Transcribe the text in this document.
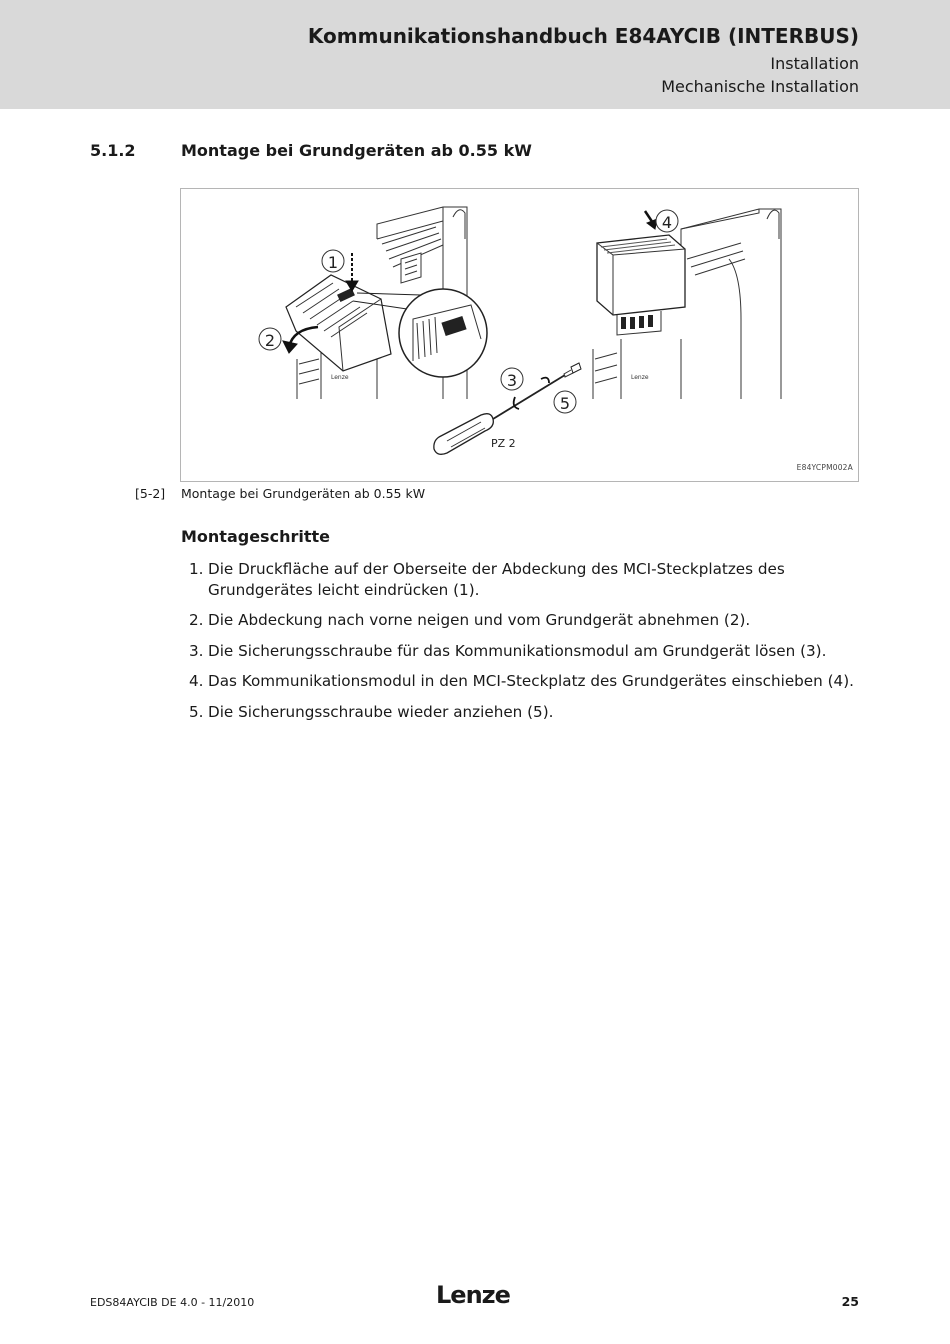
Kommunikationshandbuch E84AYCIB (INTERBUS)
Installation
Mechanische Installation
5.1.2	Montage bei Grundgeräten ab 0.55 kW
Lenze
1
2
3
5
PZ 2
Lenze
4
E84YCPM002A
[5-2] Montage bei Grundgeräten ab 0.55 kW
Montageschritte
1. Die Druckfläche auf der Oberseite der Abdeckung des MCI-Steckplatzes des Grundgerätes leicht eindrücken (1).
2. Die Abdeckung nach vorne neigen und vom Grundgerät abnehmen (2).
3. Die Sicherungsschraube für das Kommunikationsmodul am Grundgerät lösen (3).
4. Das Kommunikationsmodul in den MCI-Steckplatz des Grundgerätes einschieben (4).
5. Die Sicherungsschraube wieder anziehen (5).
EDS84AYCIB DE 4.0 - 11/2010	Lenze	25
